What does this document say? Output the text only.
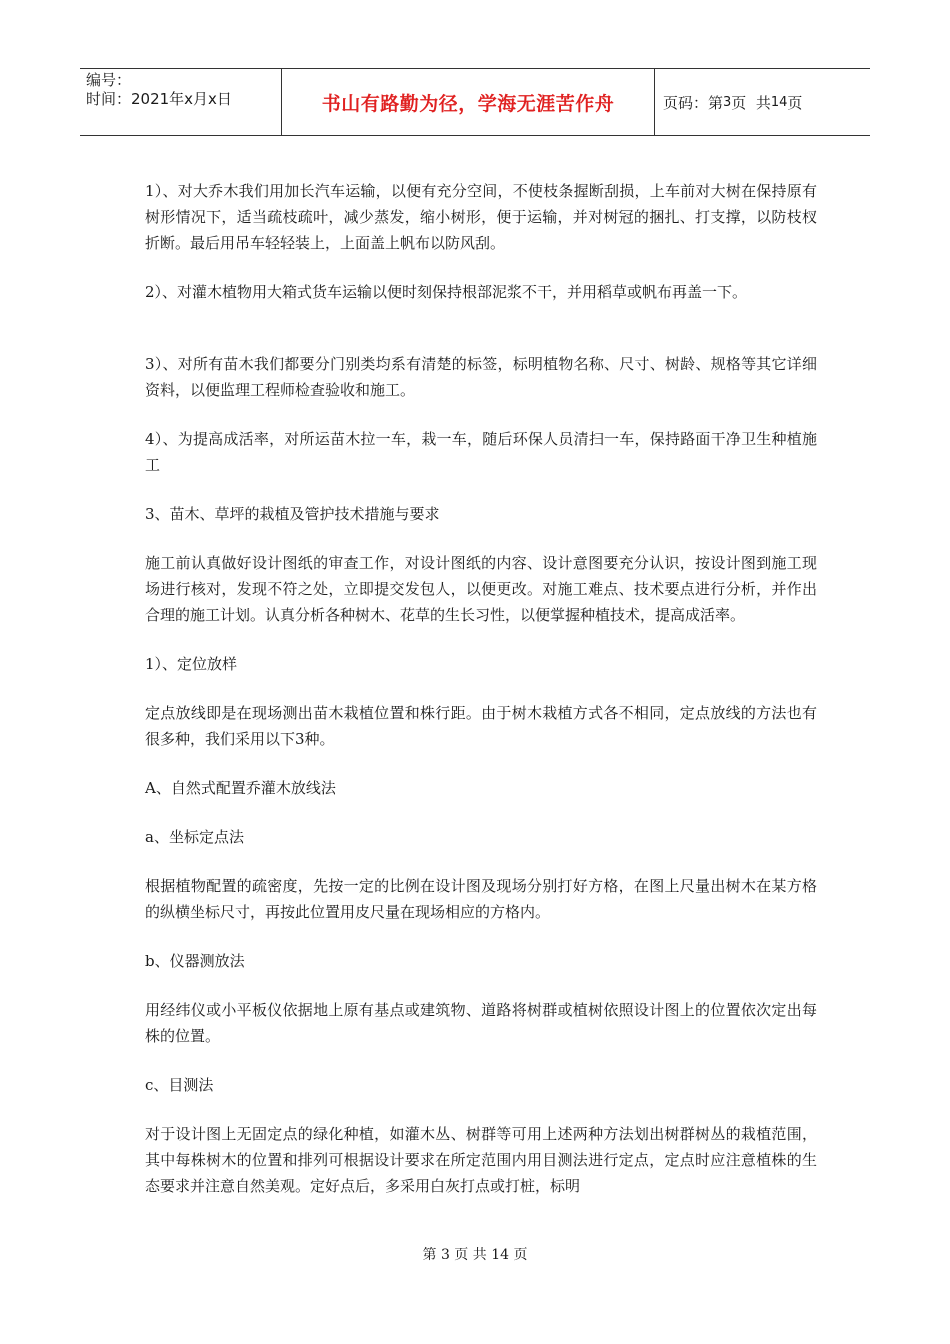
编号：
时间：2021年x月x日	书山有路勤为径，学海无涯苦作舟	页码：第 3 页  共 14 页

1）、对大乔木我们用加长汽车运输，以便有充分空间，不使枝条握断刮损，上车前对大树在保持原有树形情况下，适当疏枝疏叶，减少蒸发，缩小树形，便于运输，并对树冠的捆扎、打支撑，以防枝杈折断。最后用吊车轻轻装上，上面盖上帆布以防风刮。

2）、对灌木植物用大箱式货车运输以便时刻保持根部泥浆不干，并用稻草或帆布再盖一下。

3）、对所有苗木我们都要分门别类均系有清楚的标签，标明植物名称、尺寸、树龄、规格等其它详细资料，以便监理工程师检查验收和施工。

4）、为提高成活率，对所运苗木拉一车，栽一车，随后环保人员清扫一车，保持路面干净卫生种植施工

3、苗木、草坪的栽植及管护技术措施与要求

施工前认真做好设计图纸的审查工作，对设计图纸的内容、设计意图要充分认识，按设计图到施工现场进行核对，发现不符之处，立即提交发包人，以便更改。对施工难点、技术要点进行分析，并作出合理的施工计划。认真分析各种树木、花草的生长习性，以便掌握种植技术，提高成活率。

1）、定位放样

定点放线即是在现场测出苗木栽植位置和株行距。由于树木栽植方式各不相同，定点放线的方法也有很多种，我们采用以下3种。

A、自然式配置乔灌木放线法

a、坐标定点法

根据植物配置的疏密度，先按一定的比例在设计图及现场分别打好方格，在图上尺量出树木在某方格的纵横坐标尺寸，再按此位置用皮尺量在现场相应的方格内。

b、仪器测放法

用经纬仪或小平板仪依据地上原有基点或建筑物、道路将树群或植树依照设计图上的位置依次定出每株的位置。

c、目测法

对于设计图上无固定点的绿化种植，如灌木丛、树群等可用上述两种方法划出树群树丛的栽植范围，其中每株树木的位置和排列可根据设计要求在所定范围内用目测法进行定点，定点时应注意植株的生态要求并注意自然美观。定好点后，多采用白灰打点或打桩，标明

第 3 页 共 14 页
